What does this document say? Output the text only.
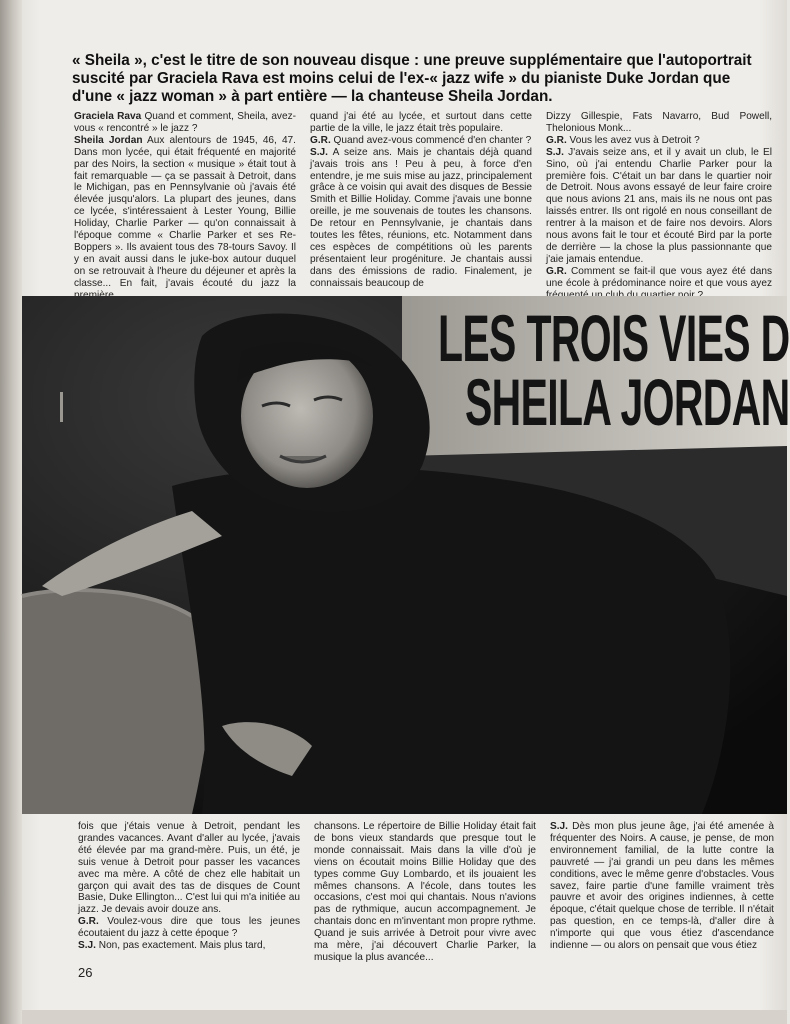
« Sheila », c'est le titre de son nouveau disque : une preuve supplémentaire que l'autoportrait suscité par Graciela Rava est moins celui de l'ex-« jazz wife » du pianiste Duke Jordan que d'une « jazz woman » à part entière — la chanteuse Sheila Jordan.

Graciela Rava Quand et comment, Sheila, avez-vous « rencontré » le jazz ?

Sheila Jordan Aux alentours de 1945, 46, 47. Dans mon lycée, qui était fréquenté en majorité par des Noirs, la section « musique » était tout à fait remarquable — ça se passait à Detroit, dans le Michigan, pas en Pennsylvanie où j'avais été élevée jusqu'alors. La plupart des jeunes, dans ce lycée, s'intéressaient à Lester Young, Billie Holiday, Charlie Parker — qu'on connaissait à l'époque comme « Charlie Parker et ses Re-Boppers ». Ils avaient tous des 78-tours Savoy. Il y en avait aussi dans le juke-box autour duquel on se retrouvait à l'heure du déjeuner et après la classe... En fait, j'avais écouté du jazz la

quand j'ai été au lycée, et surtout dans cette partie de la ville, le jazz était très populaire.

G.R. Quand avez-vous commencé d'en chanter ?

S.J. A seize ans. Mais je chantais déjà quand j'avais trois ans ! Peu à peu, à force d'en entendre, je me suis mise au jazz, principalement grâce à ce voisin qui avait des disques de Bessie Smith et Billie Holiday. Comme j'avais une bonne oreille, je me souvenais de toutes les chansons. De retour en Pennsylvanie, je chantais dans toutes les fêtes, réunions, etc. Notamment dans ces espèces de compétitions où les parents présentaient leur progéniture. Je chantais aussi dans des émissions de radio. Finalement, je connaissais beaucoup de

Dizzy Gillespie, Fats Navarro, Bud Powell, Thelonious Monk...

G.R. Vous les avez vus à Detroit ?

S.J. J'avais seize ans, et il y avait un club, le El Sino, où j'ai entendu Charlie Parker pour la première fois. C'était un bar dans le quartier noir de Detroit. Nous avons essayé de leur faire croire que nous avions 21 ans, mais ils ne nous ont pas laissés entrer. Ils ont rigolé en nous conseillant de rentrer à la maison et de faire nos devoirs. Alors nous avons fait le tour et écouté Bird par la porte de derrière — la chose la plus passionnante que j'aie jamais entendue.

G.R. Comment se fait-il que vous ayez été dans une école à prédominance noire et que vous ayez

LES TROIS VIES D
SHEILA JORDAN

fois que j'étais venue à Detroit, pendant les grandes vacances. Avant d'aller au lycée, j'avais été élevée par ma grand-mère. Puis, un été, je suis venue à Detroit pour passer les vacances avec ma mère. A côté de chez elle habitait un garçon qui avait des tas de disques de Count Basie, Duke Ellington... C'est lui qui m'a initiée au jazz. Je devais avoir douze ans.

G.R. Voulez-vous dire que tous les jeunes écoutaient du jazz à cette époque ?

S.J. Non, pas exactement. Mais plus tard,

chansons. Le répertoire de Billie Holiday était fait de bons vieux standards que presque tout le monde connaissait. Mais dans la ville d'où je viens on écoutait moins Billie Holiday que des types comme Guy Lombardo, et ils jouaient les mêmes chansons. A l'école, dans toutes les occasions, c'est moi qui chantais. Nous n'avions pas de rythmique, aucun accompagnement. Je chantais donc en m'inventant mon propre rythme. Quand je suis arrivée à Detroit pour vivre avec ma mère, j'ai découvert Charlie Parker, la musique la plus avancée...

S.J. Dès mon plus jeune âge, j'ai été amenée à fréquenter des Noirs. A cause, je pense, de mon environnement familial, de la lutte contre la pauvreté — j'ai grandi un peu dans les mêmes conditions, avec le même genre d'obstacles. Vous savez, faire partie d'une famille vraiment très pauvre et avoir des origines indiennes, à cette époque, c'était quelque chose de terrible. Il n'était pas question, en ce temps-là, d'aller dire à n'importe qui que vous étiez d'ascendance indienne — ou alors on pensait que vous étiez

26
